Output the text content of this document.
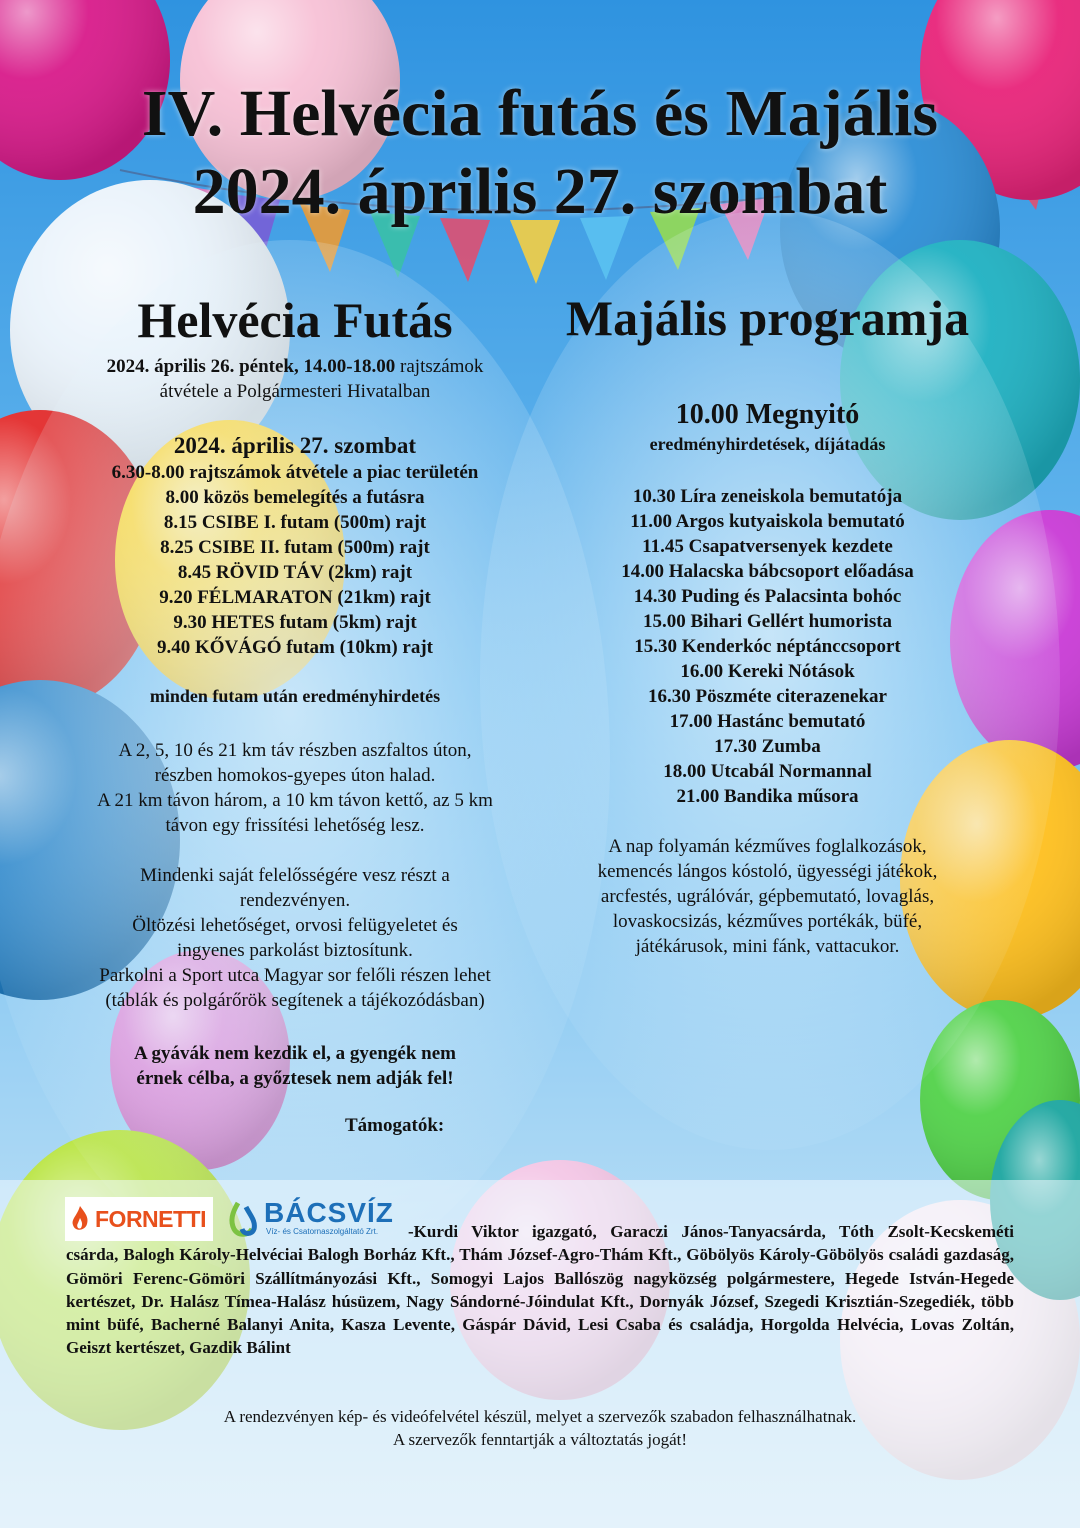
IV. Helvécia futás és Majális
2024. április 27. szombat
Helvécia Futás
2024. április 26. péntek, 14.00-18.00 rajtszámok
átvétele a Polgármesteri Hivatalban
2024. április 27. szombat
6.30-8.00 rajtszámok átvétele a piac területén
8.00 közös bemelegítés a futásra
8.15 CSIBE I. futam (500m) rajt
8.25 CSIBE II. futam (500m) rajt
8.45 RÖVID TÁV (2km) rajt
9.20 FÉLMARATON (21km) rajt
9.30 HETES futam (5km) rajt
9.40 KŐVÁGÓ futam (10km) rajt
minden futam után eredményhirdetés
A 2, 5, 10 és 21 km táv részben aszfaltos úton,
részben homokos-gyepes úton halad.
A 21 km távon három, a 10 km távon kettő, az 5 km
távon egy frissítési lehetőség lesz.
Mindenki saját felelősségére vesz részt a
rendezvényen.
Öltözési lehetőséget, orvosi felügyeletet és
ingyenes parkolást biztosítunk.
Parkolni a Sport utca Magyar sor felőli részen lehet
(táblák és polgárőrök segítenek a tájékozódásban)
A gyávák nem kezdik el, a gyengék nem
érnek célba, a győztesek nem adják fel!
Támogatók:
Majális programja
10.00 Megnyitó
eredményhirdetések, díjátadás
10.30 Líra zeneiskola bemutatója
11.00 Argos kutyaiskola bemutató
11.45 Csapatversenyek kezdete
14.00 Halacska bábcsoport előadása
14.30 Puding és Palacsinta bohóc
15.00 Bihari Gellért humorista
15.30 Kenderkóc néptánccsoport
16.00 Kereki Nótások
16.30 Pöszméte citerazenekar
17.00 Hastánc bemutató
17.30 Zumba
18.00 Utcabál Normannal
21.00 Bandika műsora
A nap folyamán kézműves foglalkozások,
kemencés lángos kóstoló, ügyességi játékok,
arcfestés, ugrálóvár, gépbemutató, lovaglás,
lovaskocsizás, kézműves portékák, büfé,
játékárusok, mini fánk, vattacukor.
FORNETTI BÁCSVÍZ
Víz- és Csatornaszolgáltató Zrt.	-Kurdi Viktor igazgató, Garaczi János-Tanyacsárda, Tóth Zsolt-Kecskeméti csárda, Balogh Károly-Helvéciai Balogh Borház Kft., Thám József-Agro-Thám Kft., Göbölyös Károly-Göbölyös családi gazdaság, Gömöri Ferenc-Gömöri Szállítmányozási Kft., Somogyi Lajos Ballószög nagyközség polgármestere, Hegede István-Hegede kertészet, Dr. Halász Tímea-Halász húsüzem, Nagy Sándorné-Jóindulat Kft., Dornyák József, Szegedi Krisztián-Szegediék, több mint büfé, Bacherné Balanyi Anita, Kasza Levente, Gáspár Dávid, Lesi Csaba és családja, Horgolda Helvécia, Lovas Zoltán, Geiszt kertészet, Gazdik Bálint
A rendezvényen kép- és videófelvétel készül, melyet a szervezők szabadon felhasználhatnak.
A szervezők fenntartják a változtatás jogát!
